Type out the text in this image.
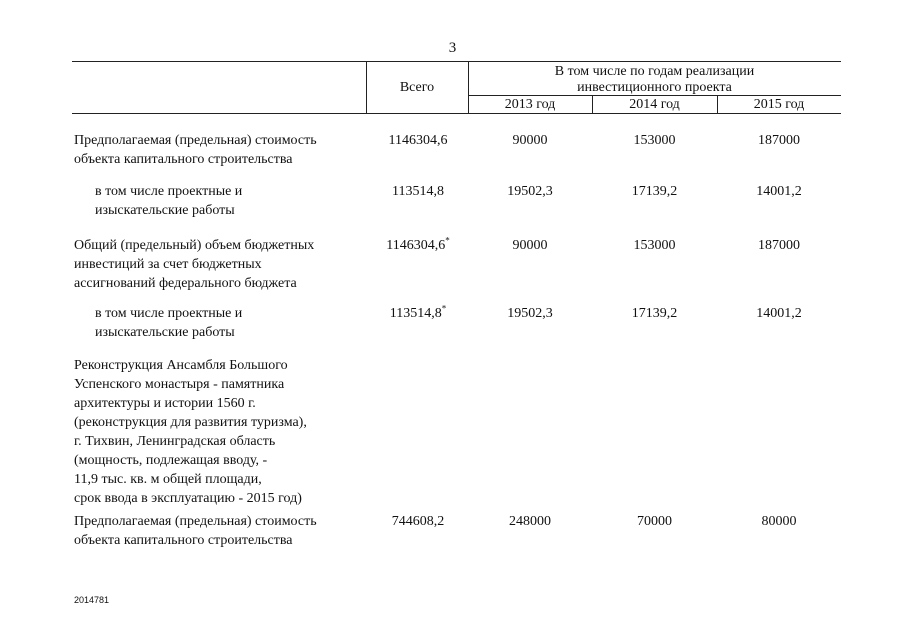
3
Всего
В том числе по годам реализации
инвестиционного проекта
2013 год	2014 год	2015 год
Предполагаемая (предельная) стоимость
объекта капитального строительства
1146304,6	90000	153000	187000
в том числе проектные и
изыскательские работы
113514,8	19502,3	17139,2	14001,2
Общий (предельный) объем бюджетных
инвестиций за счет бюджетных
ассигнований федерального бюджета
1146304,6*	90000	153000	187000
в том числе проектные и
изыскательские работы
113514,8*	19502,3	17139,2	14001,2
Реконструкция Ансамбля Большого
Успенского монастыря - памятника
архитектуры и истории 1560 г.
(реконструкция для развития туризма),
г. Тихвин, Ленинградская область
(мощность, подлежащая вводу, -
11,9 тыс. кв. м общей площади,
срок ввода в эксплуатацию - 2015 год)
Предполагаемая (предельная) стоимость
объекта капитального строительства
744608,2	248000	70000	80000
2014781
